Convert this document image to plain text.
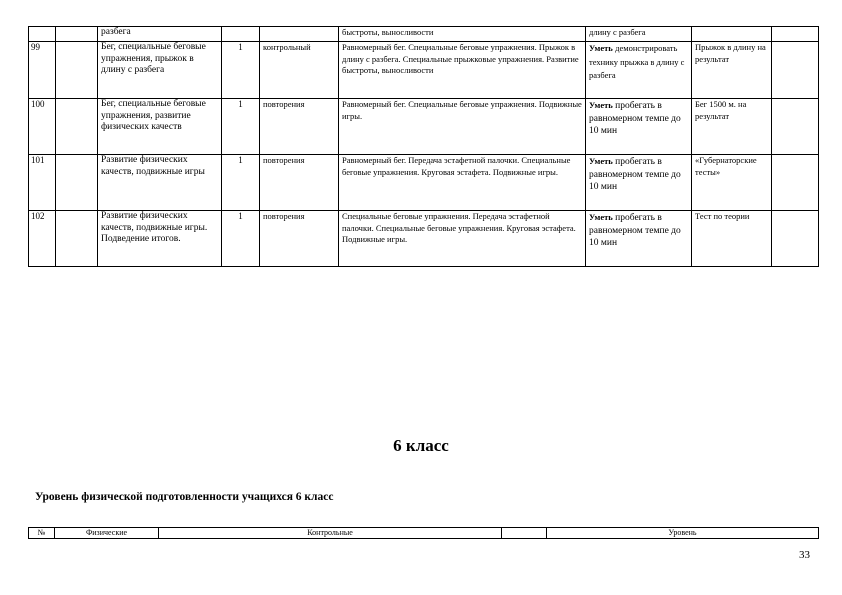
		разбега			быстроты, выносливости	длину с разбега		
99		Бег, специальные беговые упражнения, прыжок в длину с разбега	1	контрольный	Равномерный бег. Специальные беговые упражнения. Прыжок в длину с разбега. Специальные прыжковые упражнения. Развитие быстроты, выносливости	Уметь демонстрировать технику прыжка в длину с разбега	Прыжок в длину на результат	
100		Бег, специальные беговые упражнения, развитие физических качеств	1	повторения	Равномерный бег. Специальные беговые упражнения. Подвижные игры.	Уметь пробегать в равномерном темпе до 10 мин	Бег 1500 м. на результат	
101		Развитие физических качеств, подвижные игры	1	повторения	Равномерный бег. Передача эстафетной палочки. Специальные беговые упражнения. Круговая эстафета. Подвижные игры.	Уметь пробегать в равномерном темпе до 10 мин	«Губернаторские тесты»	
102		Развитие физических качеств, подвижные игры. Подведение итогов.	1	повторения	Специальные беговые упражнения. Передача эстафетной палочки. Специальные беговые упражнения. Круговая эстафета. Подвижные игры.	Уметь пробегать в равномерном темпе до 10 мин	Тест по теории	
6 класс
Уровень физической подготовленности учащихся 6 класс
№	Физические	Контрольные		Уровень
33
